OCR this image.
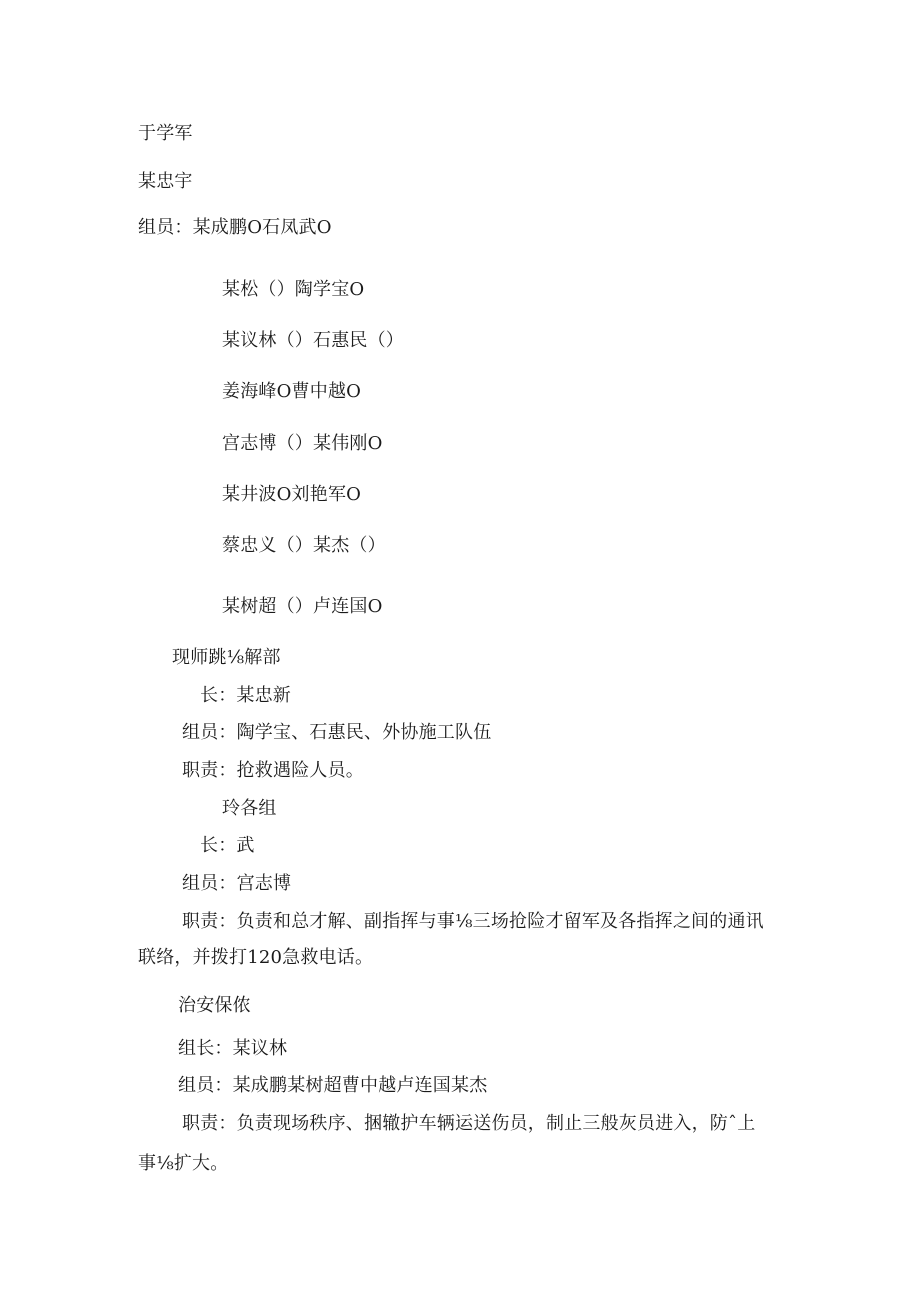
于学军

某忠宇

组员：某成鹏O石凤武O

某松（）陶学宝O

某议林（）石惠民（）

姜海峰O曹中越O

宫志博（）某伟刚O

某井波O刘艳军O

蔡忠义（）某杰（）

某树超（）卢连国O

现师跳⅛解部

长：某忠新

组员：陶学宝、石惠民、外协施工队伍

职责：抢救遇险人员。

玲各组

长：武

组员：宫志博

职责：负责和总才解、副指挥与事⅛三场抢险才留军及各指挥之间的通讯

联络，并拨打120急救电话。

治安保侬

组长：某议林

组员：某成鹏某树超曹中越卢连国某杰

职责：负责现场秩序、捆辙护车辆运送伤员，制止三般灰员进入，防ˆ上

事⅛扩大。
